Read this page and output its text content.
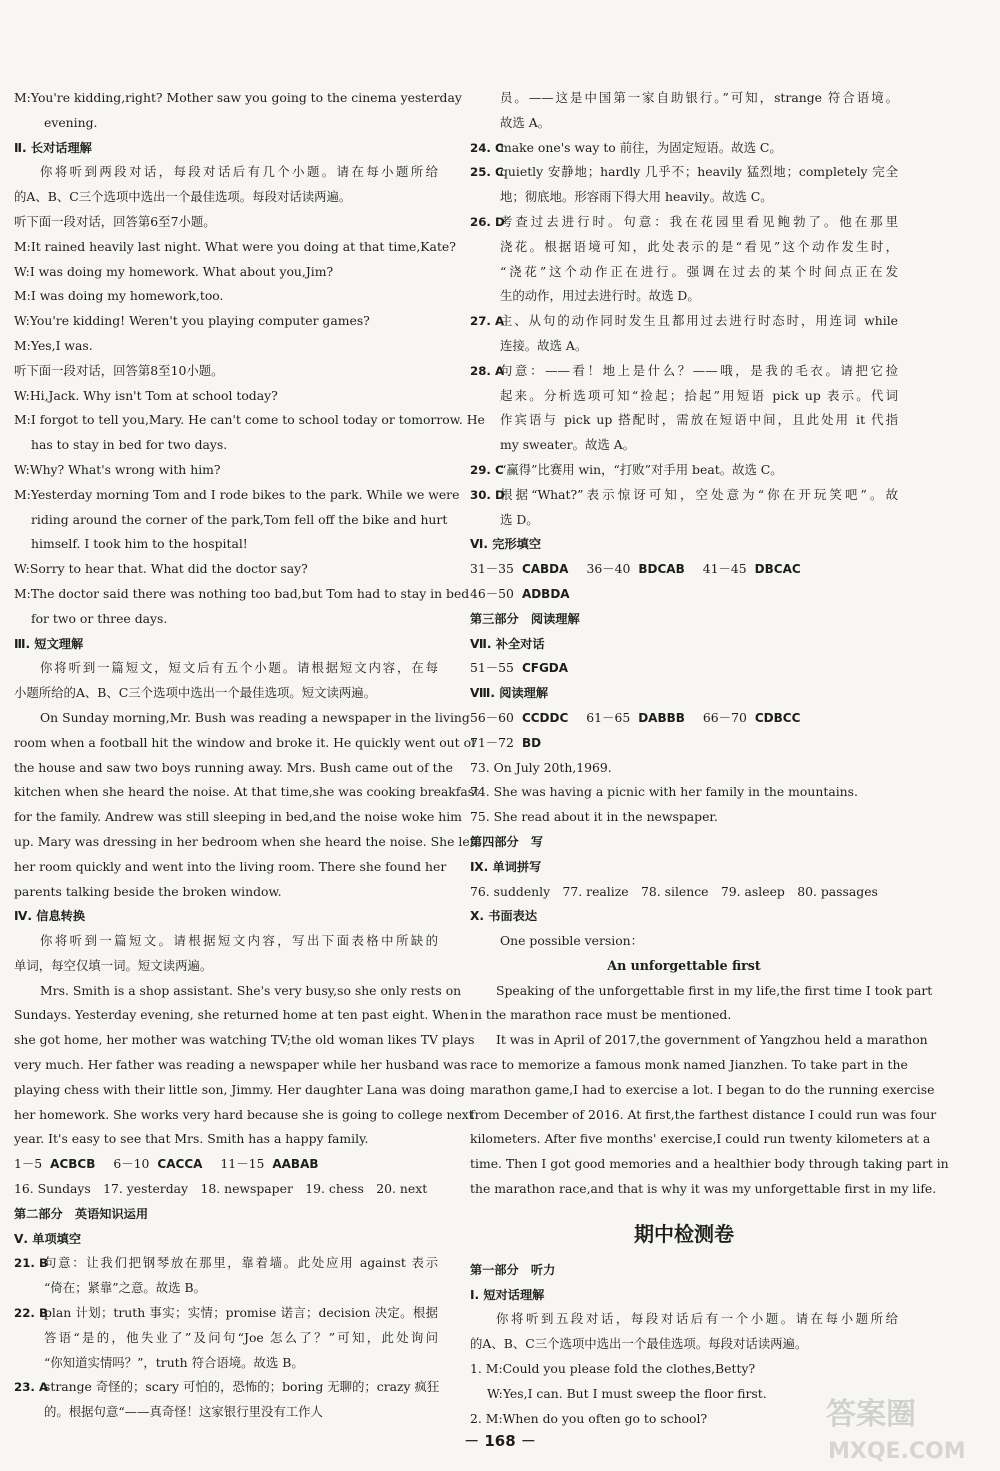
M:You're kidding,right? Mother saw you going to the cinema yesterday
evening.
Ⅱ. 长对话理解
你将听到两段对话，每段对话后有几个小题。请在每小题所给
的A、B、C三个选项中选出一个最佳选项。每段对话读两遍。
听下面一段对话，回答第6至7小题。
M:It rained heavily last night. What were you doing at that time,Kate?
W:I was doing my homework. What about you,Jim?
M:I was doing my homework,too.
W:You're kidding! Weren't you playing computer games?
M:Yes,I was.
听下面一段对话，回答第8至10小题。
W:Hi,Jack. Why isn't Tom at school today?
M:I forgot to tell you,Mary. He can't come to school today or tomorrow. He
has to stay in bed for two days.
W:Why? What's wrong with him?
M:Yesterday morning Tom and I rode bikes to the park. While we were
riding around the corner of the park,Tom fell off the bike and hurt
himself. I took him to the hospital!
W:Sorry to hear that. What did the doctor say?
M:The doctor said there was nothing too bad,but Tom had to stay in bed
for two or three days.
Ⅲ. 短文理解
你将听到一篇短文，短文后有五个小题。请根据短文内容，在每
小题所给的A、B、C三个选项中选出一个最佳选项。短文读两遍。
On Sunday morning,Mr. Bush was reading a newspaper in the living
room when a football hit the window and broke it. He quickly went out of
the house and saw two boys running away. Mrs. Bush came out of the
kitchen when she heard the noise. At that time,she was cooking breakfast
for the family. Andrew was still sleeping in bed,and the noise woke him
up. Mary was dressing in her bedroom when she heard the noise. She left
her room quickly and went into the living room. There she found her
parents talking beside the broken window.
Ⅳ. 信息转换
你将听到一篇短文。请根据短文内容，写出下面表格中所缺的
单词，每空仅填一词。短文读两遍。
Mrs. Smith is a shop assistant. She's very busy,so she only rests on
Sundays. Yesterday evening, she returned home at ten past eight. When
she got home, her mother was watching TV;the old woman likes TV plays
very much. Her father was reading a newspaper while her husband was
playing chess with their little son, Jimmy. Her daughter Lana was doing
her homework. She works very hard because she is going to college next
year. It's easy to see that Mrs. Smith has a happy family.
1－5 ACBCB 6－10 CACCA 11－15 AABAB
16. Sundays　17. yesterday　18. newspaper　19. chess　20. next
第二部分　英语知识运用
Ⅴ. 单项填空
21. B
句意：让我们把钢琴放在那里，靠着墙。此处应用 against 表示
“倚在；紧靠”之意。故选 B。
22. B
plan 计划；truth 事实；实情；promise 诺言；decision 决定。根据
答语“是的，他失业了”及问句“Joe 怎么了？”可知，此处询问
“你知道实情吗？”，truth 符合语境。故选 B。
23. A
strange 奇怪的；scary 可怕的，恐怖的；boring 无聊的；crazy 疯狂
的。根据句意“——真奇怪！这家银行里没有工作人
员。——这是中国第一家自助银行。”可知，strange 符合语境。
故选 A。
24. C
make one's way to 前往，为固定短语。故选 C。
25. C
quietly 安静地；hardly 几乎不；heavily 猛烈地；completely 完全
地；彻底地。形容雨下得大用 heavily。故选 C。
26. D
考查过去进行时。句意：我在花园里看见鲍勃了。他在那里
浇花。根据语境可知，此处表示的是“看见”这个动作发生时，
“浇花”这个动作正在进行。强调在过去的某个时间点正在发
生的动作，用过去进行时。故选 D。
27. A
主、从句的动作同时发生且都用过去进行时态时，用连词 while
连接。故选 A。
28. A
句意：——看！地上是什么？——哦，是我的毛衣。请把它捡
起来。分析选项可知“捡起；拾起”用短语 pick up 表示。代词
作宾语与 pick up 搭配时，需放在短语中间，且此处用 it 代指
my sweater。故选 A。
29. C
“赢得”比赛用 win，“打败”对手用 beat。故选 C。
30. D
根据“What?”表示惊讶可知，空处意为“你在开玩笑吧”。故
选 D。
Ⅵ. 完形填空
31－35 CABDA 36－40 BDCAB 41－45 DBCAC
46－50 ADBDA
第三部分　阅读理解
Ⅶ. 补全对话
51－55 CFGDA
Ⅷ. 阅读理解
56－60 CCDDC 61－65 DABBB 66－70 CDBCC
71－72 BD
73. On July 20th,1969.
74. She was having a picnic with her family in the mountains.
75. She read about it in the newspaper.
第四部分　写
Ⅸ. 单词拼写
76. suddenly　77. realize　78. silence　79. asleep　80. passages
Ⅹ. 书面表达
One possible version：
An unforgettable first
Speaking of the unforgettable first in my life,the first time I took part
in the marathon race must be mentioned.
It was in April of 2017,the government of Yangzhou held a marathon
race to memorize a famous monk named Jianzhen. To take part in the
marathon game,I had to exercise a lot. I began to do the running exercise
from December of 2016. At first,the farthest distance I could run was four
kilometers. After five months' exercise,I could run twenty kilometers at a
time. Then I got good memories and a healthier body through taking part in
the marathon race,and that is why it was my unforgettable first in my life.
期中检测卷
第一部分　听力
Ⅰ. 短对话理解
你将听到五段对话，每段对话后有一个小题。请在每小题所给
的A、B、C三个选项中选出一个最佳选项。每段对话读两遍。
1. M:Could you please fold the clothes,Betty?
W:Yes,I can. But I must sweep the floor first.
2. M:When do you often go to school?
－ 168 －
答案圈
MXQE.COM
